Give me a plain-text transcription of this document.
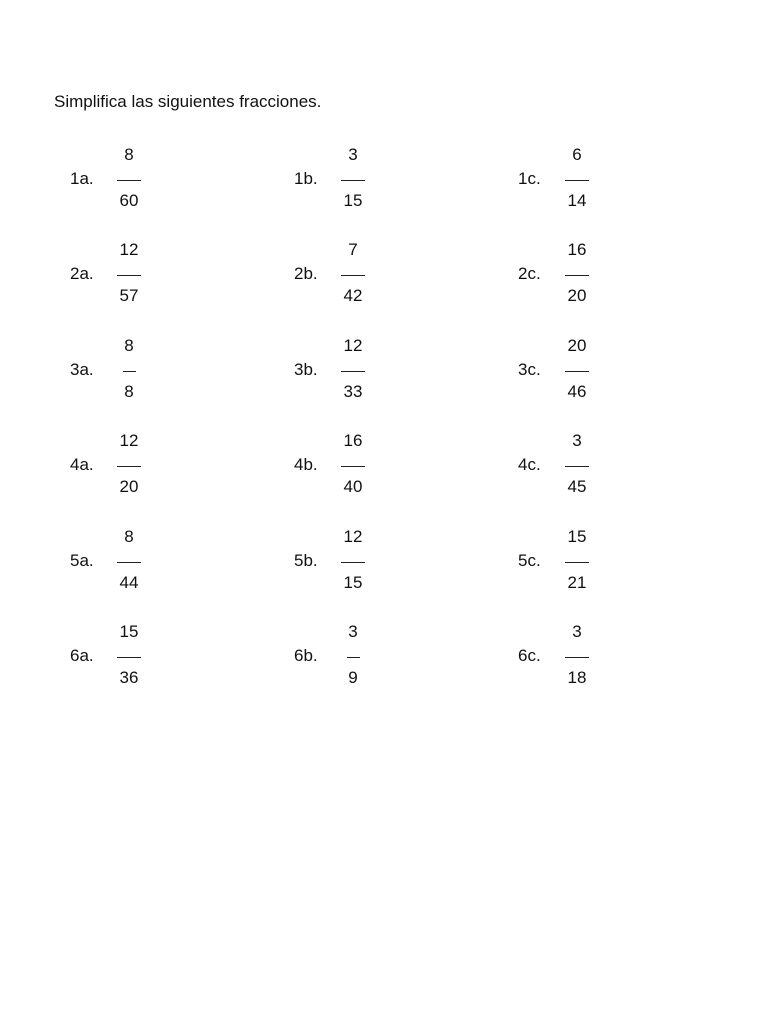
Simplifica las siguientes fracciones.
1a.
8
60
1b.
3
15
1c.
6
14
2a.
12
57
2b.
7
42
2c.
16
20
3a.
8
8
3b.
12
33
3c.
20
46
4a.
12
20
4b.
16
40
4c.
3
45
5a.
8
44
5b.
12
15
5c.
15
21
6a.
15
36
6b.
3
9
6c.
3
18
